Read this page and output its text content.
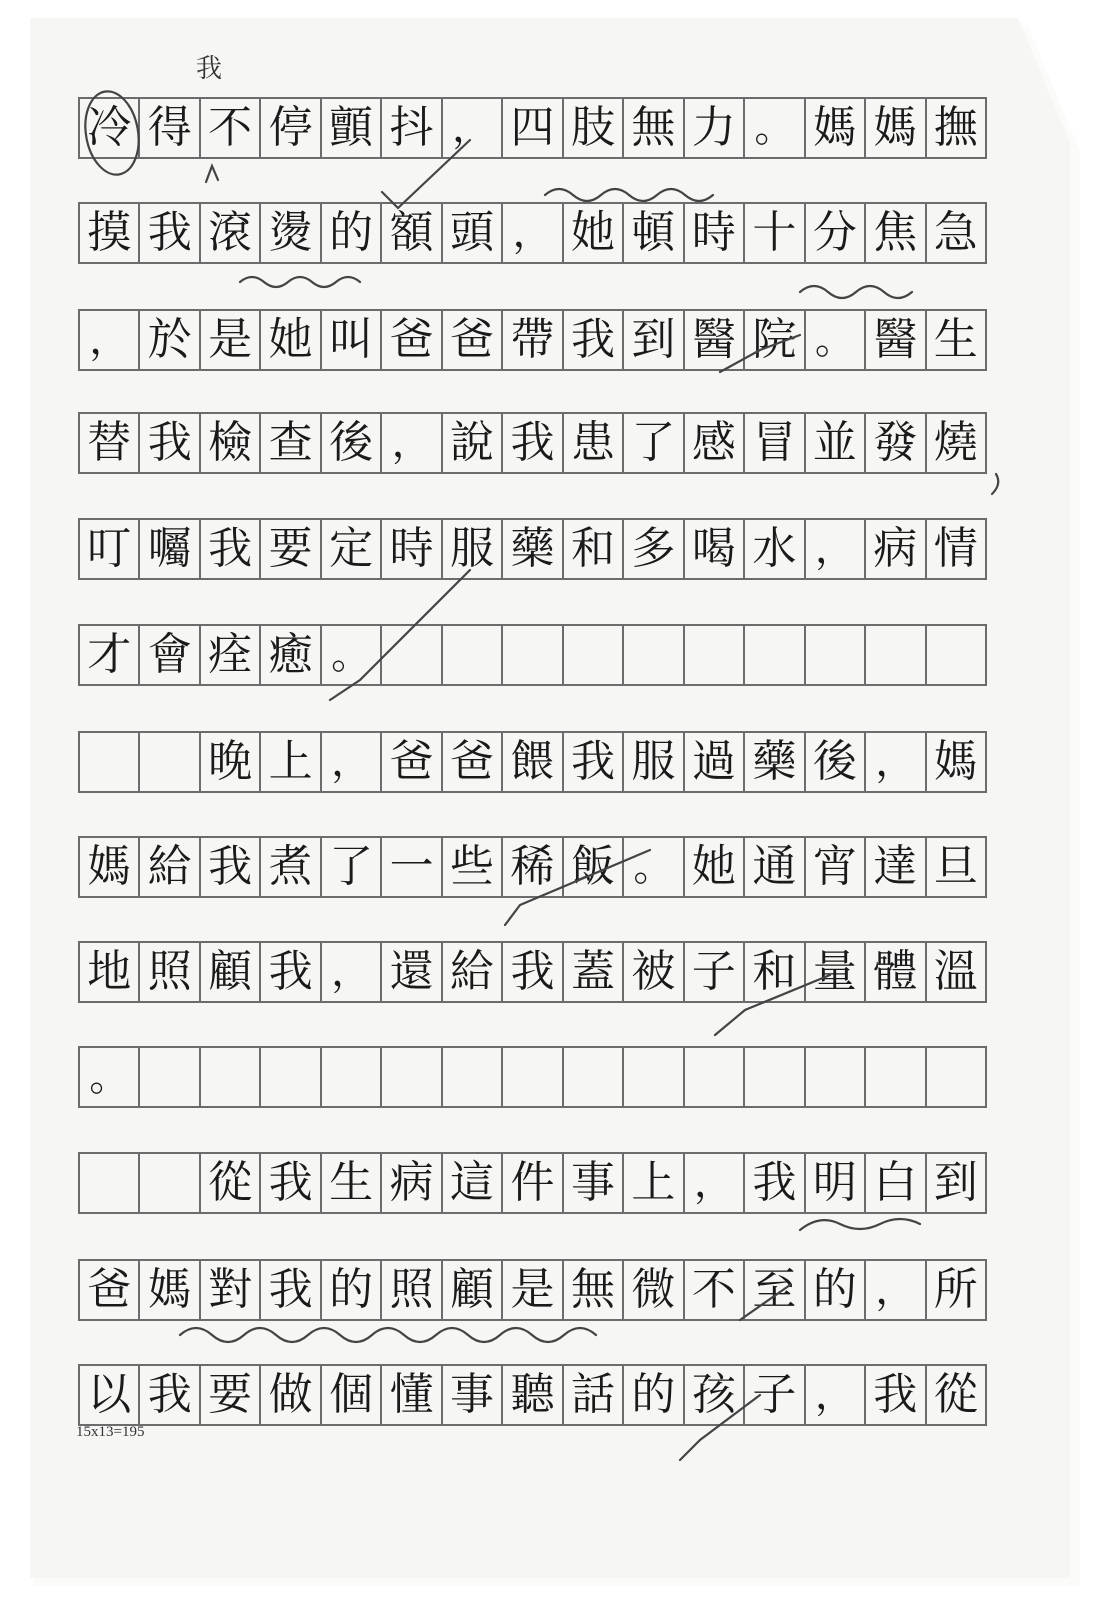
冷 得 不 停 顫 抖 ， 四 肢 無 力 。 媽 媽 撫
摸 我 滾 燙 的 額 頭 ， 她 頓 時 十 分 焦 急
， 於 是 她 叫 爸 爸 帶 我 到 醫 院 。 醫 生
替 我 檢 查 後 ， 說 我 患 了 感 冒 並 發 燒
叮 囑 我 要 定 時 服 藥 和 多 喝 水 ， 病 情
才 會 痊 癒 。
晚 上 ， 爸 爸 餵 我 服 過 藥 後 ， 媽
媽 給 我 煮 了 一 些 稀 飯 。 她 通 宵 達 旦
地 照 顧 我 ， 還 給 我 蓋 被 子 和 量 體 溫
。
從 我 生 病 這 件 事 上 ， 我 明 白 到
爸 媽 對 我 的 照 顧 是 無 微 不 至 的 ， 所
以 我 要 做 個 懂 事 聽 話 的 孩 子 ， 我 從
我
15x13=195
